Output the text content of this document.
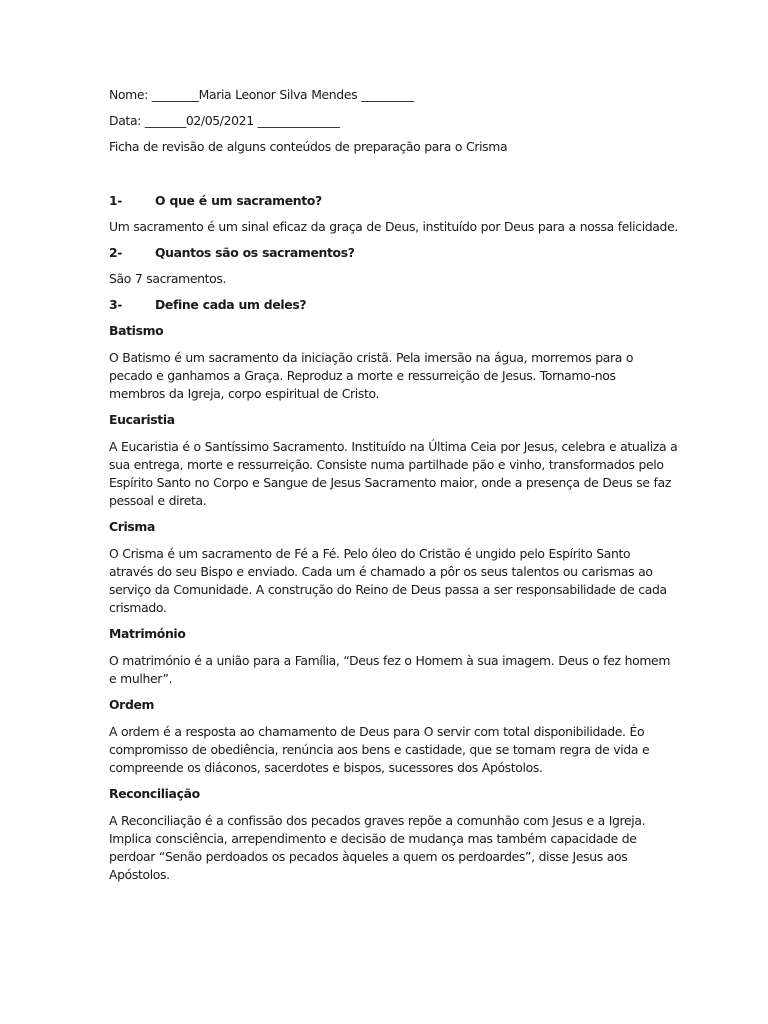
Nome: ________Maria Leonor Silva Mendes _________
Data: _______02/05/2021 ______________
Ficha de revisão de alguns conteúdos de preparação para o Crisma
1-	O que é um sacramento?
Um sacramento é um sinal eficaz da graça de Deus, instituído por Deus para a nossa felicidade.
2-	Quantos são os sacramentos?
São 7 sacramentos.
3-	Define cada um deles?
Batismo
O Batismo é um sacramento da iniciação cristã. Pela imersão na água, morremos para o
pecado e ganhamos a Graça. Reproduz a morte e ressurreição de Jesus. Tornamo-nos
membros da Igreja, corpo espiritual de Cristo.
Eucaristia
A Eucaristia é o Santíssimo Sacramento. Instituído na Última Ceia por Jesus, celebra e atualiza a
sua entrega, morte e ressurreição. Consiste numa partilhade pão e vinho, transformados pelo
Espírito Santo no Corpo e Sangue de Jesus Sacramento maior, onde a presença de Deus se faz
pessoal e direta.
Crisma
O Crisma é um sacramento de Fé a Fé. Pelo óleo do Cristão é ungido pelo Espírito Santo
através do seu Bispo e enviado. Cada um é chamado a pôr os seus talentos ou carismas ao
serviço da Comunidade. A construção do Reino de Deus passa a ser responsabilidade de cada
crismado.
Matrimónio
O matrimónio é a união para a Família, “Deus fez o Homem à sua imagem. Deus o fez homem
e mulher”.
Ordem
A ordem é a resposta ao chamamento de Deus para O servir com total disponibilidade. Éo
compromisso de obediência, renúncia aos bens e castidade, que se tornam regra de vida e
compreende os diáconos, sacerdotes e bispos, sucessores dos Apóstolos.
Reconciliação
A Reconciliação é a confissão dos pecados graves repõe a comunhão com Jesus e a Igreja.
Implica consciência, arrependimento e decisão de mudança mas também capacidade de
perdoar “Senão perdoados os pecados àqueles a quem os perdoardes”, disse Jesus aos
Apóstolos.
